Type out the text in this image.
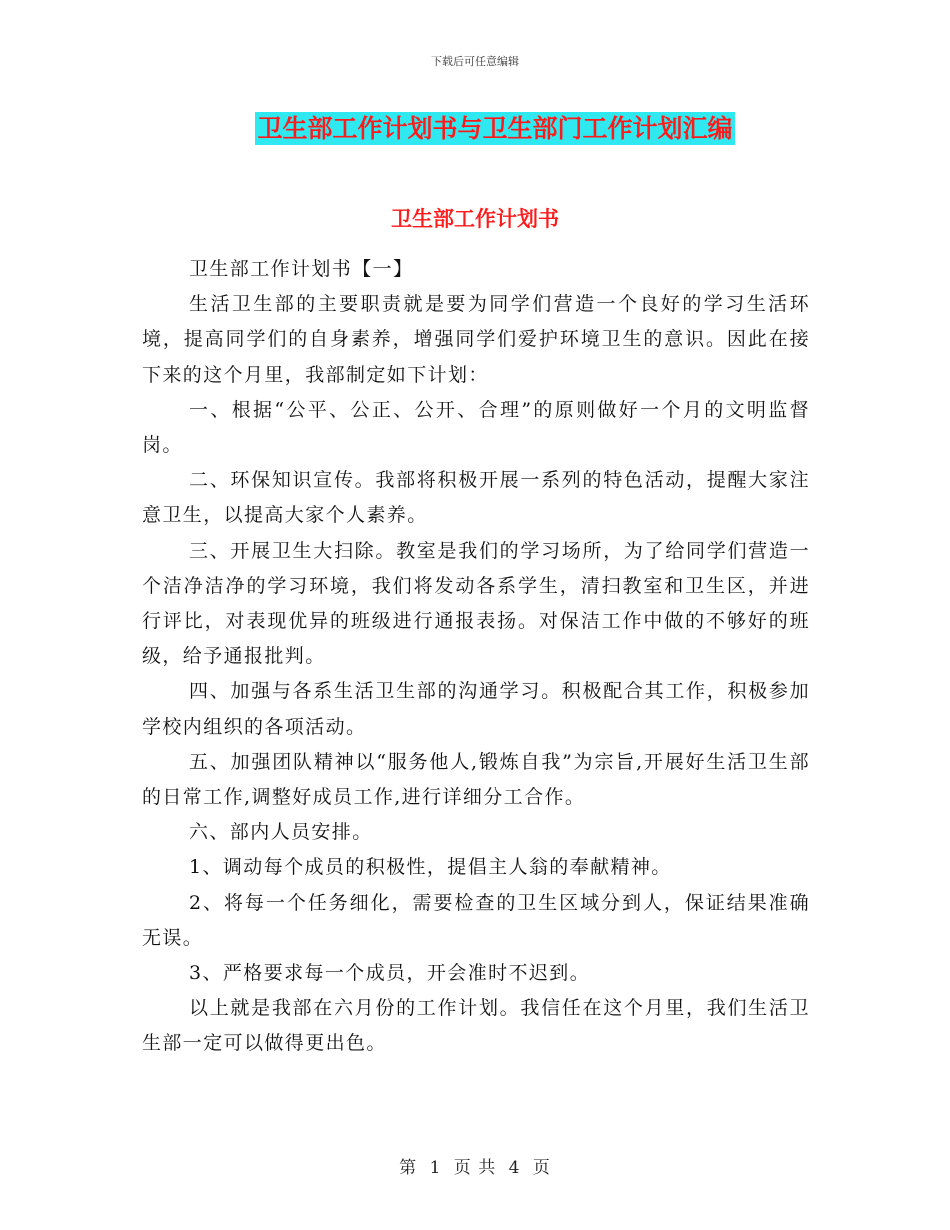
下载后可任意编辑
卫生部工作计划书与卫生部门工作计划汇编
卫生部工作计划书

卫生部工作计划书【一】

生活卫生部的主要职责就是要为同学们营造一个良好的学习生活环境，提高同学们的自身素养，增强同学们爱护环境卫生的意识。因此在接下来的这个月里，我部制定如下计划：

一、根据“公平、公正、公开、合理”的原则做好一个月的文明监督岗。

二、环保知识宣传。我部将积极开展一系列的特色活动，提醒大家注意卫生，以提高大家个人素养。

三、开展卫生大扫除。教室是我们的学习场所，为了给同学们营造一个洁净洁净的学习环境，我们将发动各系学生，清扫教室和卫生区，并进行评比，对表现优异的班级进行通报表扬。对保洁工作中做的不够好的班级，给予通报批判。

四、加强与各系生活卫生部的沟通学习。积极配合其工作，积极参加学校内组织的各项活动。

五、加强团队精神以“服务他人,锻炼自我”为宗旨,开展好生活卫生部的日常工作,调整好成员工作,进行详细分工合作。

六、部内人员安排。

1、调动每个成员的积极性，提倡主人翁的奉献精神。

2、将每一个任务细化，需要检查的卫生区域分到人，保证结果准确无误。

3、严格要求每一个成员，开会准时不迟到。

以上就是我部在六月份的工作计划。我信任在这个月里，我们生活卫生部一定可以做得更出色。

第 1 页 共 4 页
